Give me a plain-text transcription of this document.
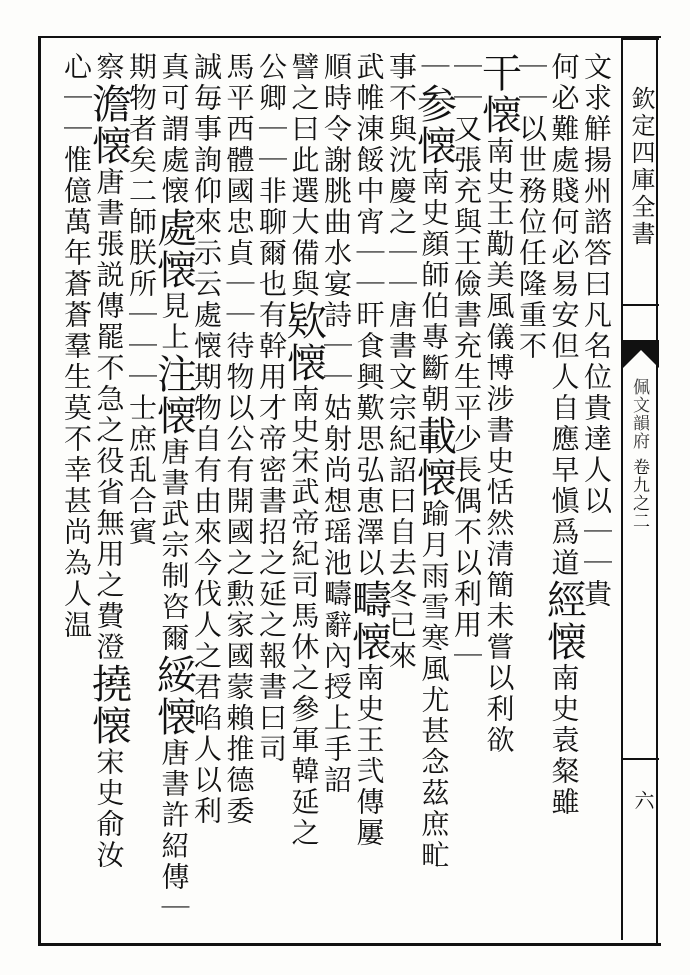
欽定四庫全書
佩文韻府
卷九之二
六
文求觧揚州諮答曰凡名位貴達人以｜｜貴
何必難處賤何必易安但人自應早愼爲道經懐南史袁粲雖
｜｜以世務位任隆重不
干懐南史王勱美風儀博涉書史恬然清簡未嘗以利欲
｜｜又張充與王儉書充生平少長偶不以利用｜
｜参懐南史顔師伯專斷朝載懐踰月雨雪寒風尤甚念茲庶甿
事不與沈慶之｜｜唐書文宗紀詔曰自去冬已來
武帷涷餒中宵｜｜旰食興歎思弘恵澤以疇懐南史王弐傳屢
順時令謝朓曲水宴詩｜｜姑射尚想瑶池疇辭內授上手詔
譬之曰此選大備與欵懐南史宋武帝紀司馬休之參軍韓延之
公卿｜｜非聊爾也有幹用才帝密書招之延之報書曰司
馬平西體國忠貞｜｜待物以公有開國之勲家國蒙賴推德委
誠毎事詢仰來示云處懐期物自有由來今伐人之君啗人以利
真可謂處懐處懐見上注懐唐書武宗制咨爾綏懐唐書許紹傳｜
期物者矣二師朕所｜｜｜士庶乱合賓
察澹懐唐書張説傳罷不急之役省無用之費澄撓懐宋史俞汝
心｜｜惟億萬年蒼蒼羣生莫不幸甚尚為人温
